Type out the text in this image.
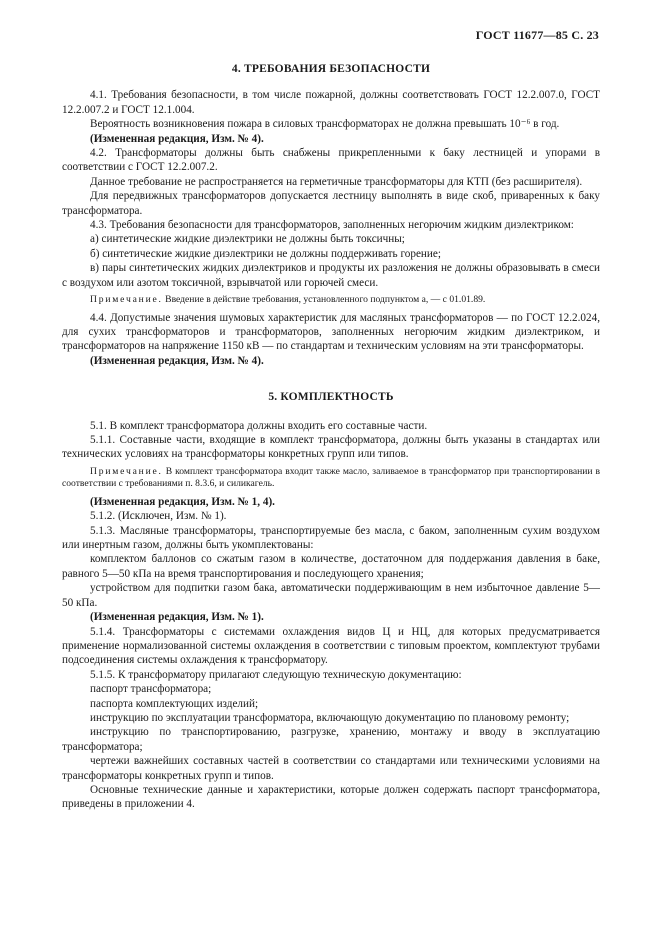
ГОСТ 11677—85 С. 23
4. ТРЕБОВАНИЯ БЕЗОПАСНОСТИ

4.1. Требования безопасности, в том числе пожарной, должны соответствовать ГОСТ 12.2.007.0, ГОСТ 12.2.007.2 и ГОСТ 12.1.004.

Вероятность возникновения пожара в силовых трансформаторах не должна превышать 10⁻⁶ в год.

(Измененная редакция, Изм. № 4).

4.2. Трансформаторы должны быть снабжены прикрепленными к баку лестницей и упорами в соответствии с ГОСТ 12.2.007.2.

Данное требование не распространяется на герметичные трансформаторы для КТП (без расширителя).

Для передвижных трансформаторов допускается лестницу выполнять в виде скоб, приваренных к баку трансформатора.

4.3. Требования безопасности для трансформаторов, заполненных негорючим жидким диэлектриком:

а) синтетические жидкие диэлектрики не должны быть токсичны;

б) синтетические жидкие диэлектрики не должны поддерживать горение;

в) пары синтетических жидких диэлектриков и продукты их разложения не должны образовывать в смеси с воздухом или азотом токсичной, взрывчатой или горючей смеси.

Примечание. Введение в действие требования, установленного подпунктом а, — с 01.01.89.

4.4. Допустимые значения шумовых характеристик для масляных трансформаторов — по ГОСТ 12.2.024, для сухих трансформаторов и трансформаторов, заполненных негорючим жидким диэлектриком, и трансформаторов на напряжение 1150 кВ — по стандартам и техническим условиям на эти трансформаторы.

(Измененная редакция, Изм. № 4).

5. КОМПЛЕКТНОСТЬ

5.1. В комплект трансформатора должны входить его составные части.

5.1.1. Составные части, входящие в комплект трансформатора, должны быть указаны в стандартах или технических условиях на трансформаторы конкретных групп или типов.

Примечание. В комплект трансформатора входит также масло, заливаемое в трансформатор при транспортировании в соответствии с требованиями п. 8.3.6, и силикагель.

(Измененная редакция, Изм. № 1, 4).

5.1.2. (Исключен, Изм. № 1).

5.1.3. Масляные трансформаторы, транспортируемые без масла, с баком, заполненным сухим воздухом или инертным газом, должны быть укомплектованы:

комплектом баллонов со сжатым газом в количестве, достаточном для поддержания давления в баке, равного 5—50 кПа на время транспортирования и последующего хранения;

устройством для подпитки газом бака, автоматически поддерживающим в нем избыточное давление 5—50 кПа.

(Измененная редакция, Изм. № 1).

5.1.4. Трансформаторы с системами охлаждения видов Ц и НЦ, для которых предусматривается применение нормализованной системы охлаждения в соответствии с типовым проектом, комплектуют трубами подсоединения системы охлаждения к трансформатору.

5.1.5. К трансформатору прилагают следующую техническую документацию:

паспорт трансформатора;

паспорта комплектующих изделий;

инструкцию по эксплуатации трансформатора, включающую документацию по плановому ремонту;

инструкцию по транспортированию, разгрузке, хранению, монтажу и вводу в эксплуатацию трансформатора;

чертежи важнейших составных частей в соответствии со стандартами или техническими условиями на трансформаторы конкретных групп и типов.

Основные технические данные и характеристики, которые должен содержать паспорт трансформатора, приведены в приложении 4.
